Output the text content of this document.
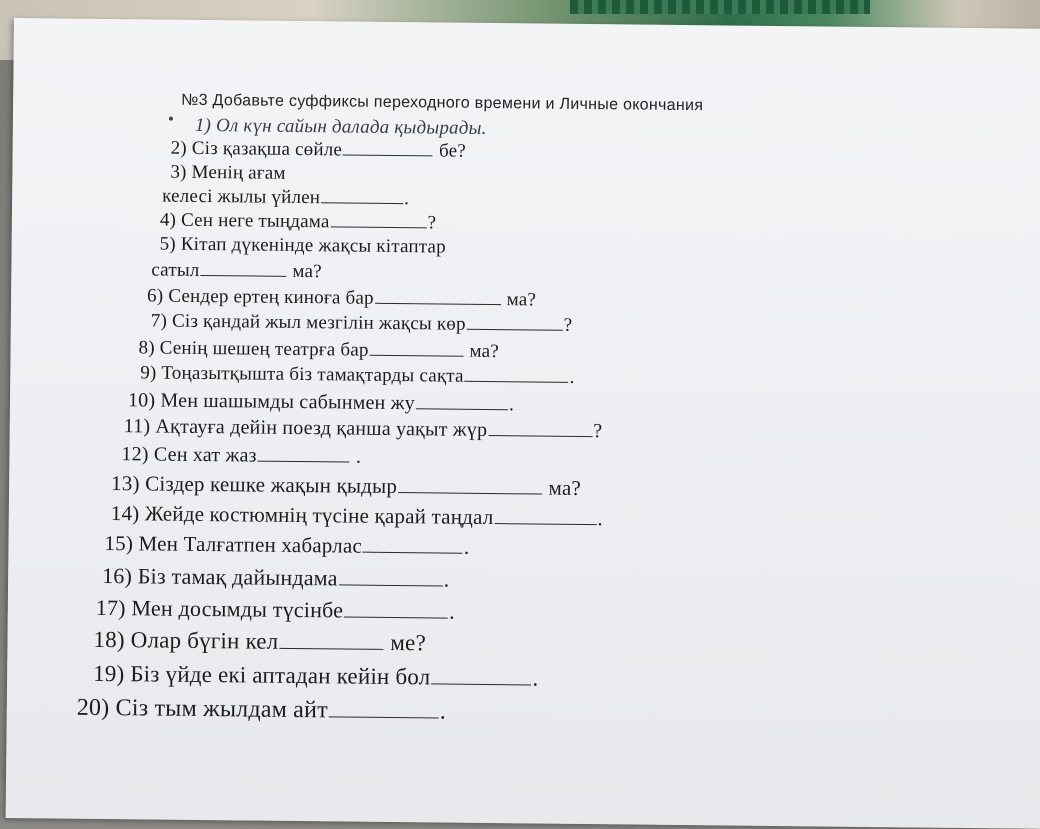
№3 Добавьте суффиксы переходного времени и Личные окончания
1) Ол күн сайын далада қыдырады.
2) Сіз қазақша сөйле	бе?
3) Менің ағам
келесі жылы үйлен	.
4) Сен неге тыңдама	?
5) Кітап дүкенінде жақсы кітаптар
сатыл	ма?
6) Сендер ертең киноға бар	ма?
7) Сіз қандай жыл мезгілін жақсы көр	?
8) Сенің шешең театрға бар	ма?
9) Тоңазытқышта біз тамақтарды сақта	.
10) Мен шашымды сабынмен жу	.
11) Ақтауға дейін поезд қанша уақыт жүр	?
12) Сен хат жаз	.
13) Сіздер кешке жақын қыдыр	ма?
14) Жейде костюмнің түсіне қарай таңдал	.
15) Мен Талғатпен хабарлас	.
16) Біз тамақ дайындама	.
17) Мен досымды түсінбе	.
18) Олар бүгін кел	ме?
19) Біз үйде екі аптадан кейін бол	.
20) Сіз тым жылдам айт	.
